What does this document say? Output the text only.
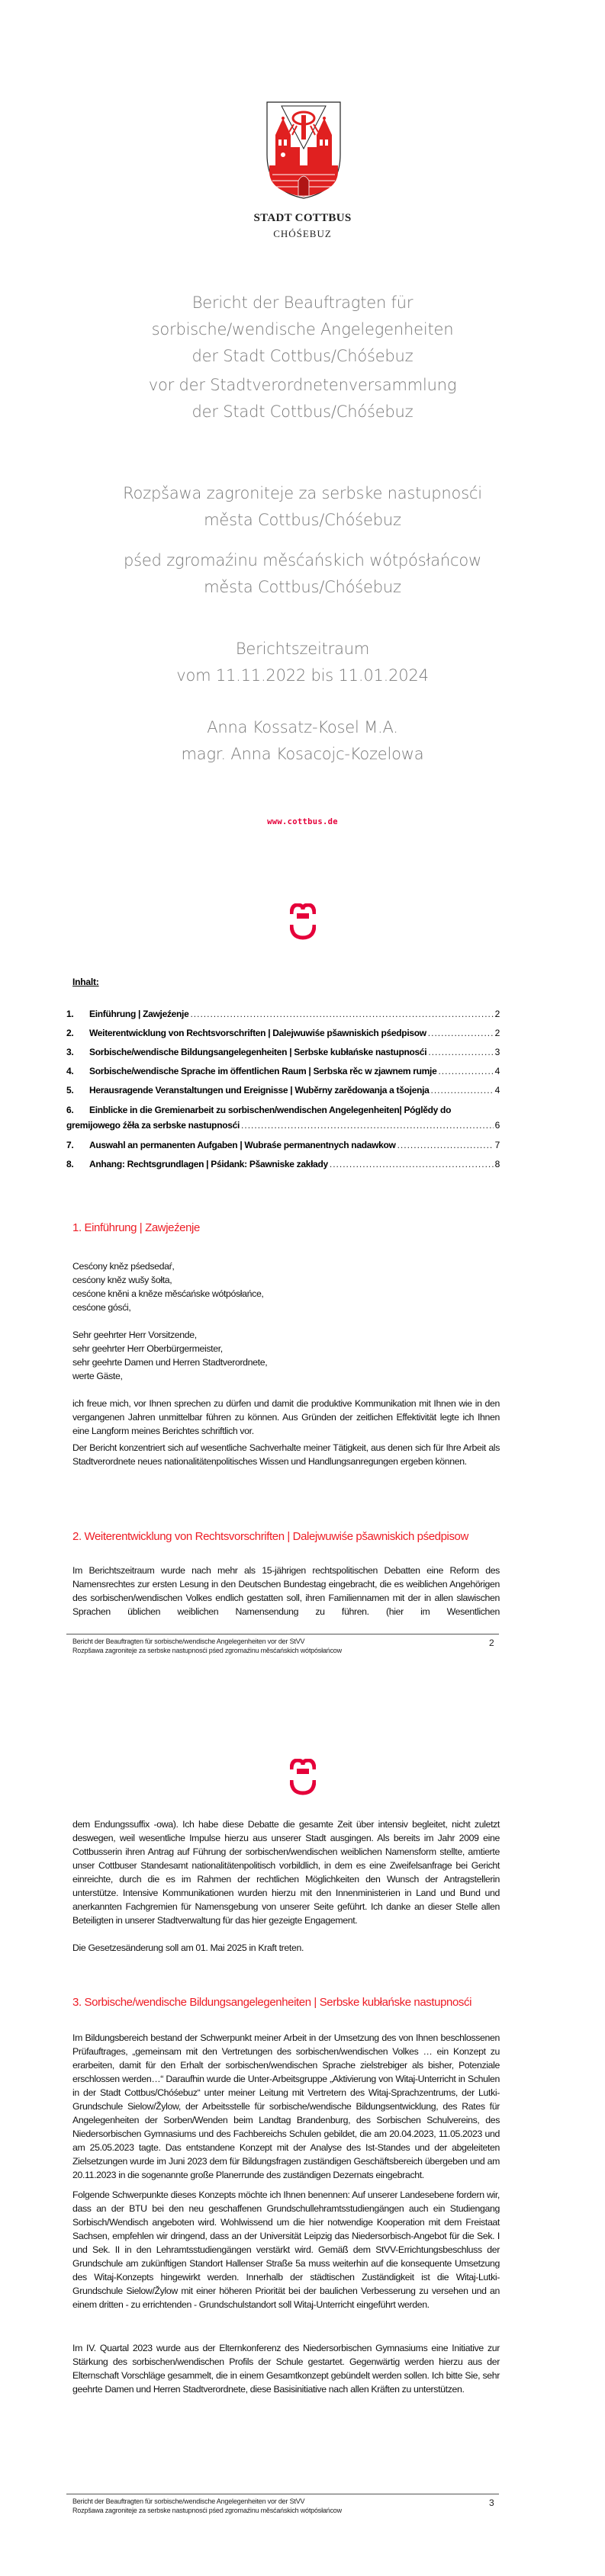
STADT COTTBUS
CHÓŚEBUZ
Bericht der Beauftragten für
sorbische/wendische Angelegenheiten
der Stadt Cottbus/Chóśebuz
vor der Stadtverordnetenversammlung
der Stadt Cottbus/Chóśebuz
Rozpšawa zagroniteje za serbske nastupnosći
města Cottbus/Chóśebuz
pśed zgromaźinu měsćańskich wótpósłańcow
města Cottbus/Chóśebuz
Berichtszeitraum
vom 11.11.2022 bis 11.01.2024
Anna Kossatz-Kosel M.A.
magr. Anna Kosacojc-Kozelowa
www.cottbus.de
Inhalt:
1.	Einführung | Zawjeźenje .....	2
2.	Weiterentwicklung von Rechtsvorschriften | Dalejwuwiśe pšawniskich pśedpisow .....	2
3.	Sorbische/wendische Bildungsangelegenheiten | Serbske kubłańske nastupnosći .....	3
4.	Sorbische/wendische Sprache im öffentlichen Raum | Serbska rěc w zjawnem rumje .....	4
5.	Herausragende Veranstaltungen und Ereignisse | Wuběrny zarědowanja a tšojenja .....	4
6.	Einblicke in die Gremienarbeit zu sorbischen/wendischen Angelegenheiten| Póglědy do
gremijowego źěła za serbske nastupnosći .....	6
7.	Auswahl an permanenten Aufgaben | Wubraśe permanentnych nadawkow .....	7
8.	Anhang: Rechtsgrundlagen | Pśidank: Pšawniske zakłady .....	8
1. Einführung | Zawjeźenje
Cesćony kněz pśedsedaŕ,
cesćony kněz wušy šołta,
cesćone kněni a kněze měsćańske wótpósłańce,
cesćone gósći,
Sehr geehrter Herr Vorsitzende,
sehr geehrter Herr Oberbürgermeister,
sehr geehrte Damen und Herren Stadtverordnete,
werte Gäste,

ich freue mich, vor Ihnen sprechen zu dürfen und damit die produktive Kommunikation mit Ihnen wie in den vergangenen Jahren unmittelbar führen zu können. Aus Gründen der zeitlichen Effektivität legte ich Ihnen eine Langform meines Berichtes schriftlich vor.

Der Bericht konzentriert sich auf wesentliche Sachverhalte meiner Tätigkeit, aus denen sich für Ihre Arbeit als Stadtverordnete neues nationalitätenpolitisches Wissen und Handlungsanregungen ergeben können.

2. Weiterentwicklung von Rechtsvorschriften | Dalejwuwiśe pšawniskich pśedpisow

Im Berichtszeitraum wurde nach mehr als 15-jährigen rechtspolitischen Debatten eine Reform des Namensrechtes zur ersten Lesung in den Deutschen Bundestag eingebracht, die es weiblichen Angehörigen des sorbischen/wendischen Volkes endlich gestatten soll, ihren Familiennamen mit der in allen slawischen Sprachen üblichen weiblichen Namensendung zu führen. (hier im Wesentlichen

Bericht der Beauftragten für sorbische/wendische Angelegenheiten vor der StVV
Rozpšawa zagroniteje za serbske nastupnosći pśed zgromaźinu měsćańskich wótpósłańcow
2

dem Endungssuffix -owa). Ich habe diese Debatte die gesamte Zeit über intensiv begleitet, nicht zuletzt deswegen, weil wesentliche Impulse hierzu aus unserer Stadt ausgingen. Als bereits im Jahr 2009 eine Cottbusserin ihren Antrag auf Führung der sorbischen/wendischen weiblichen Namensform stellte, amtierte unser Cottbuser Standesamt nationalitätenpolitisch vorbildlich, in dem es eine Zweifelsanfrage bei Gericht einreichte, durch die es im Rahmen der rechtlichen Möglichkeiten den Wunsch der Antragstellerin unterstütze. Intensive Kommunikationen wurden hierzu mit den Innenministerien in Land und Bund und anerkannten Fachgremien für Namensgebung von unserer Seite geführt. Ich danke an dieser Stelle allen Beteiligten in unserer Stadtverwaltung für das hier gezeigte Engagement.

Die Gesetzesänderung soll am 01. Mai 2025 in Kraft treten.

3. Sorbische/wendische Bildungsangelegenheiten | Serbske kubłańske nastupnosći

Im Bildungsbereich bestand der Schwerpunkt meiner Arbeit in der Umsetzung des von Ihnen beschlossenen Prüfauftrages, „gemeinsam mit den Vertretungen des sorbischen/wendischen Volkes … ein Konzept zu erarbeiten, damit für den Erhalt der sorbischen/wendischen Sprache zielstrebiger als bisher, Potenziale erschlossen werden…“ Daraufhin wurde die Unter-Arbeitsgruppe „Aktivierung von Witaj-Unterricht in Schulen in der Stadt Cottbus/Chóśebuz“ unter meiner Leitung mit Vertretern des Witaj-Sprachzentrums, der Lutki-Grundschule Sielow/Žylow, der Arbeitsstelle für sorbische/wendische Bildungsentwicklung, des Rates für Angelegenheiten der Sorben/Wenden beim Landtag Brandenburg, des Sorbischen Schulvereins, des Niedersorbischen Gymnasiums und des Fachbereichs Schulen gebildet, die am 20.04.2023, 11.05.2023 und am 25.05.2023 tagte. Das entstandene Konzept mit der Analyse des Ist-Standes und der abgeleiteten Zielsetzungen wurde im Juni 2023 dem für Bildungsfragen zuständigen Geschäftsbereich übergeben und am 20.11.2023 in die sogenannte große Planerrunde des zuständigen Dezernats eingebracht.

Folgende Schwerpunkte dieses Konzepts möchte ich Ihnen benennen: Auf unserer Landesebene fordern wir, dass an der BTU bei den neu geschaffenen Grundschullehramtsstudiengängen auch ein Studiengang Sorbisch/Wendisch angeboten wird. Wohlwissend um die hier notwendige Kooperation mit dem Freistaat Sachsen, empfehlen wir dringend, dass an der Universität Leipzig das Niedersorbisch-Angebot für die Sek. I und Sek. II in den Lehramtsstudiengängen verstärkt wird. Gemäß dem StVV-Errichtungsbeschluss der Grundschule am zukünftigen Standort Hallenser Straße 5a muss weiterhin auf die konsequente Umsetzung des Witaj-Konzepts hingewirkt werden. Innerhalb der städtischen Zuständigkeit ist die Witaj-Lutki-Grundschule Sielow/Žylow mit einer höheren Priorität bei der baulichen Verbesserung zu versehen und an einem dritten - zu errichtenden - Grundschulstandort soll Witaj-Unterricht eingeführt werden.

Im IV. Quartal 2023 wurde aus der Elternkonferenz des Niedersorbischen Gymnasiums eine Initiative zur Stärkung des sorbischen/wendischen Profils der Schule gestartet. Gegenwärtig werden hierzu aus der Elternschaft Vorschläge gesammelt, die in einem Gesamtkonzept gebündelt werden sollen. Ich bitte Sie, sehr geehrte Damen und Herren Stadtverordnete, diese Basisinitiative nach allen Kräften zu unterstützen.

Bericht der Beauftragten für sorbische/wendische Angelegenheiten vor der StVV
Rozpšawa zagroniteje za serbske nastupnosći pśed zgromaźinu měsćańskich wótpósłańcow
3
